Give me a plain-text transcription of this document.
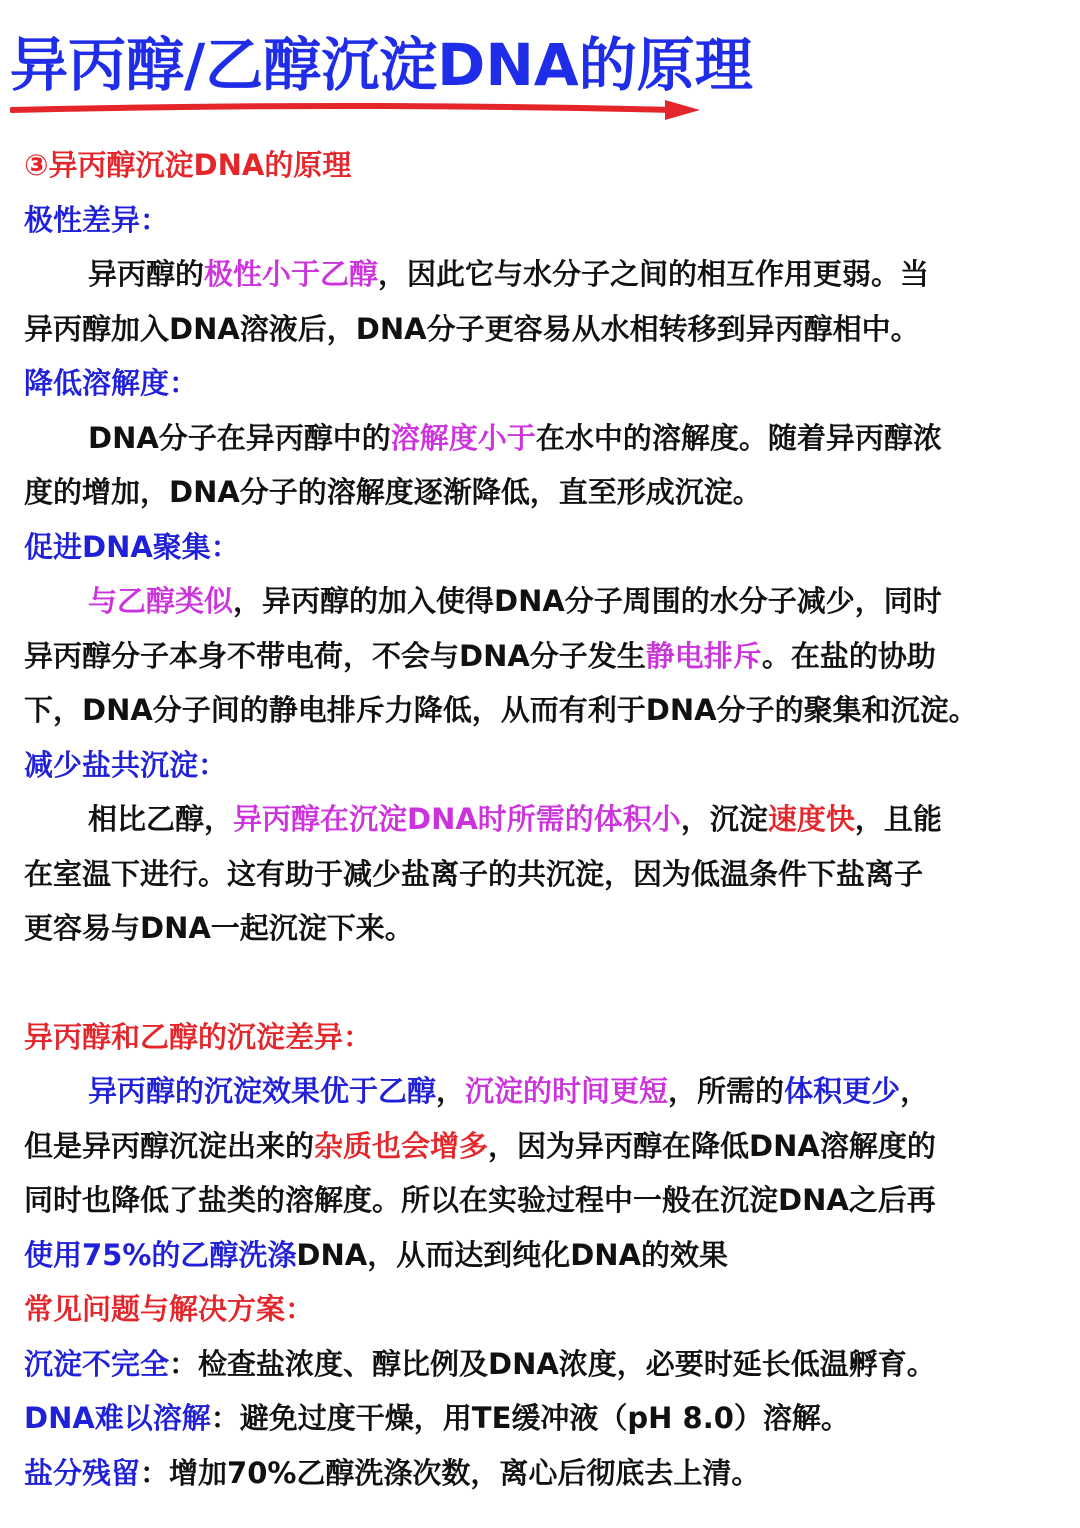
异丙醇/乙醇沉淀DNA的原理
③异丙醇沉淀DNA的原理
极性差异：
异丙醇的极性小于乙醇，因此它与水分子之间的相互作用更弱。当
异丙醇加入DNA溶液后，DNA分子更容易从水相转移到异丙醇相中。
降低溶解度：
DNA分子在异丙醇中的溶解度小于在水中的溶解度。随着异丙醇浓
度的增加，DNA分子的溶解度逐渐降低，直至形成沉淀。
促进DNA聚集：
与乙醇类似，异丙醇的加入使得DNA分子周围的水分子减少，同时
异丙醇分子本身不带电荷，不会与DNA分子发生静电排斥。在盐的协助
下，DNA分子间的静电排斥力降低，从而有利于DNA分子的聚集和沉淀。
减少盐共沉淀：
相比乙醇，异丙醇在沉淀DNA时所需的体积小，沉淀速度快，且能
在室温下进行。这有助于减少盐离子的共沉淀，因为低温条件下盐离子
更容易与DNA一起沉淀下来。
异丙醇和乙醇的沉淀差异：
异丙醇的沉淀效果优于乙醇，沉淀的时间更短，所需的体积更少，
但是异丙醇沉淀出来的杂质也会增多，因为异丙醇在降低DNA溶解度的
同时也降低了盐类的溶解度。所以在实验过程中一般在沉淀DNA之后再
使用75%的乙醇洗涤DNA，从而达到纯化DNA的效果
常见问题与解决方案：
沉淀不完全：检查盐浓度、醇比例及DNA浓度，必要时延长低温孵育。
DNA难以溶解：避免过度干燥，用TE缓冲液（pH 8.0）溶解。
盐分残留：增加70%乙醇洗涤次数，离心后彻底去上清。
